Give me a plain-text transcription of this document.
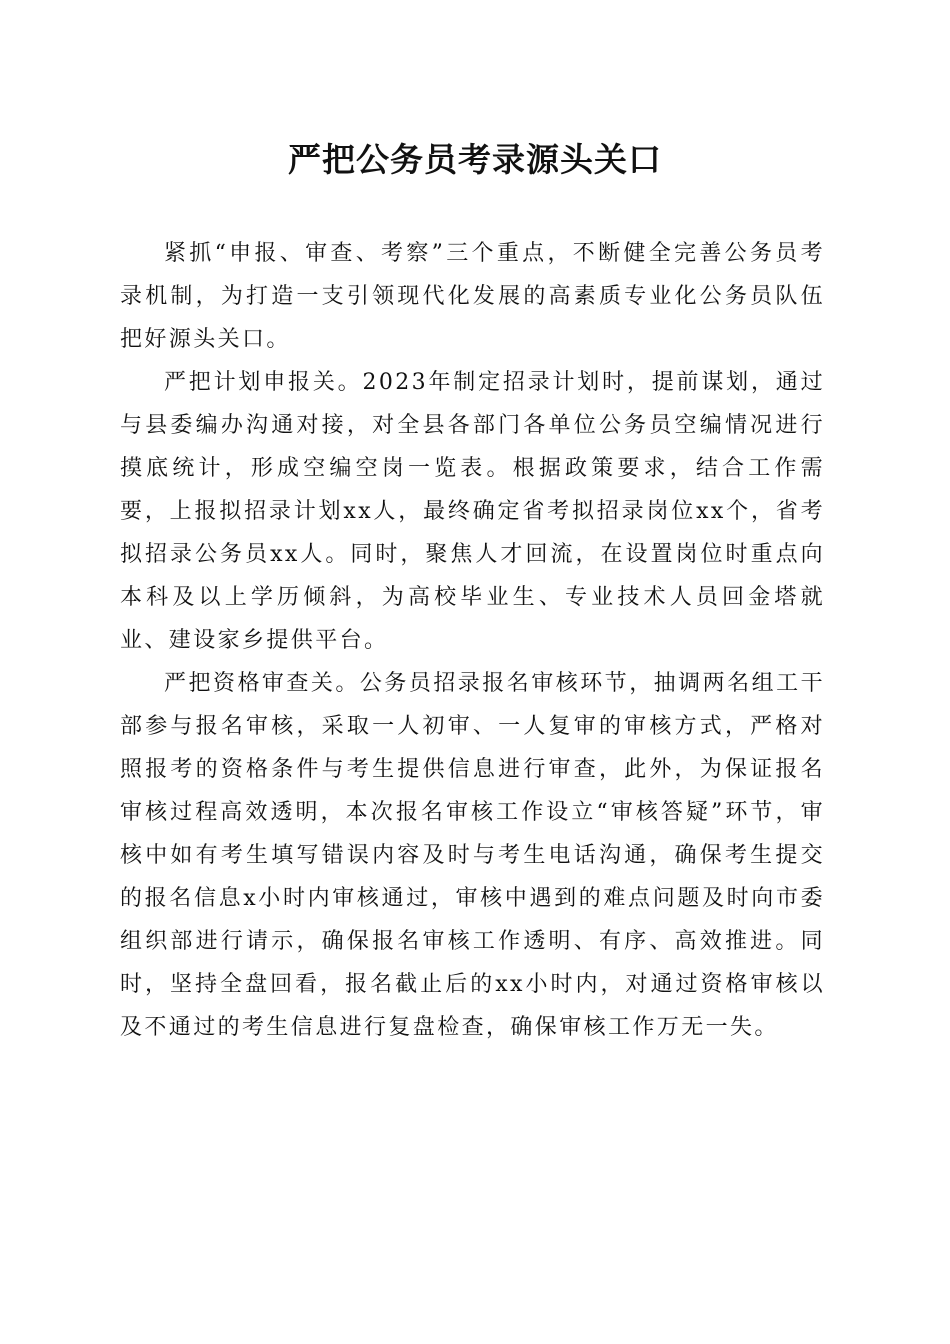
严把公务员考录源头关口

紧抓“申报、审查、考察”三个重点，不断健全完善公务员考录机制，为打造一支引领现代化发展的高素质专业化公务员队伍把好源头关口。

严把计划申报关。2023年制定招录计划时，提前谋划，通过与县委编办沟通对接，对全县各部门各单位公务员空编情况进行摸底统计，形成空编空岗一览表。根据政策要求，结合工作需要，上报拟招录计划xx人，最终确定省考拟招录岗位xx个，省考拟招录公务员xx人。同时，聚焦人才回流，在设置岗位时重点向本科及以上学历倾斜，为高校毕业生、专业技术人员回金塔就业、建设家乡提供平台。

严把资格审查关。公务员招录报名审核环节，抽调两名组工干部参与报名审核，采取一人初审、一人复审的审核方式，严格对照报考的资格条件与考生提供信息进行审查，此外，为保证报名审核过程高效透明，本次报名审核工作设立“审核答疑”环节，审核中如有考生填写错误内容及时与考生电话沟通，确保考生提交的报名信息x小时内审核通过，审核中遇到的难点问题及时向市委组织部进行请示，确保报名审核工作透明、有序、高效推进。同时，坚持全盘回看，报名截止后的xx小时内，对通过资格审核以及不通过的考生信息进行复盘检查，确保审核工作万无一失。
